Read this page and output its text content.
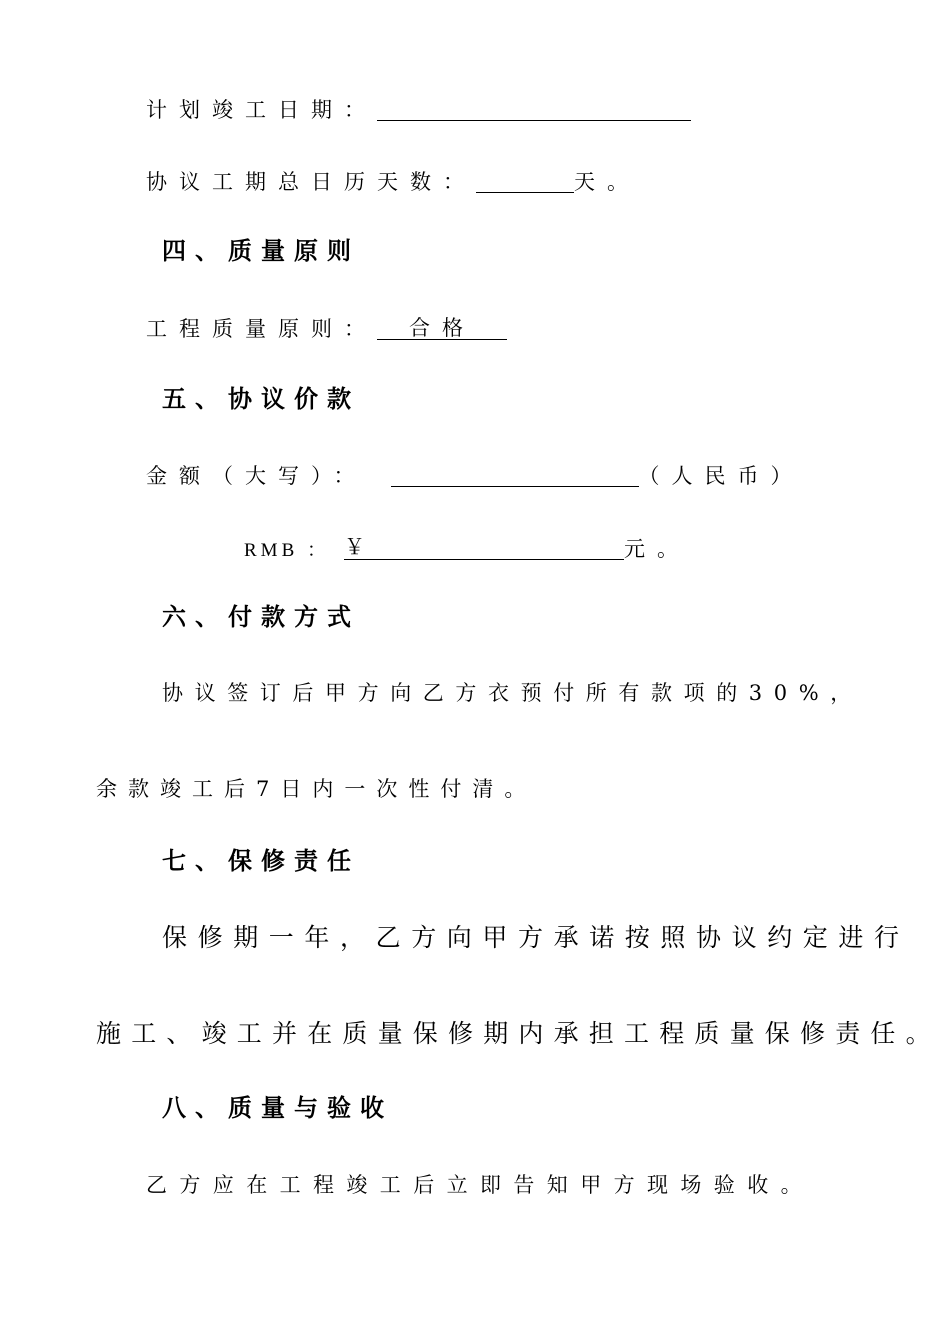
计划竣工日期：
协议工期总日历天数：	天。
四、质量原则
工程质量原则： 合格
五、协议价款
金额（大写）：	（人民币）
RMB ： ￥	元。
六、付款方式
协议签订后甲方向乙方衣预付所有款项的30%，
余款竣工后7日内一次性付清。
七、保修责任
保修期一年，乙方向甲方承诺按照协议约定进行
施工、竣工并在质量保修期内承担工程质量保修责任。
八、质量与验收
乙方应在工程竣工后立即告知甲方现场验收。
